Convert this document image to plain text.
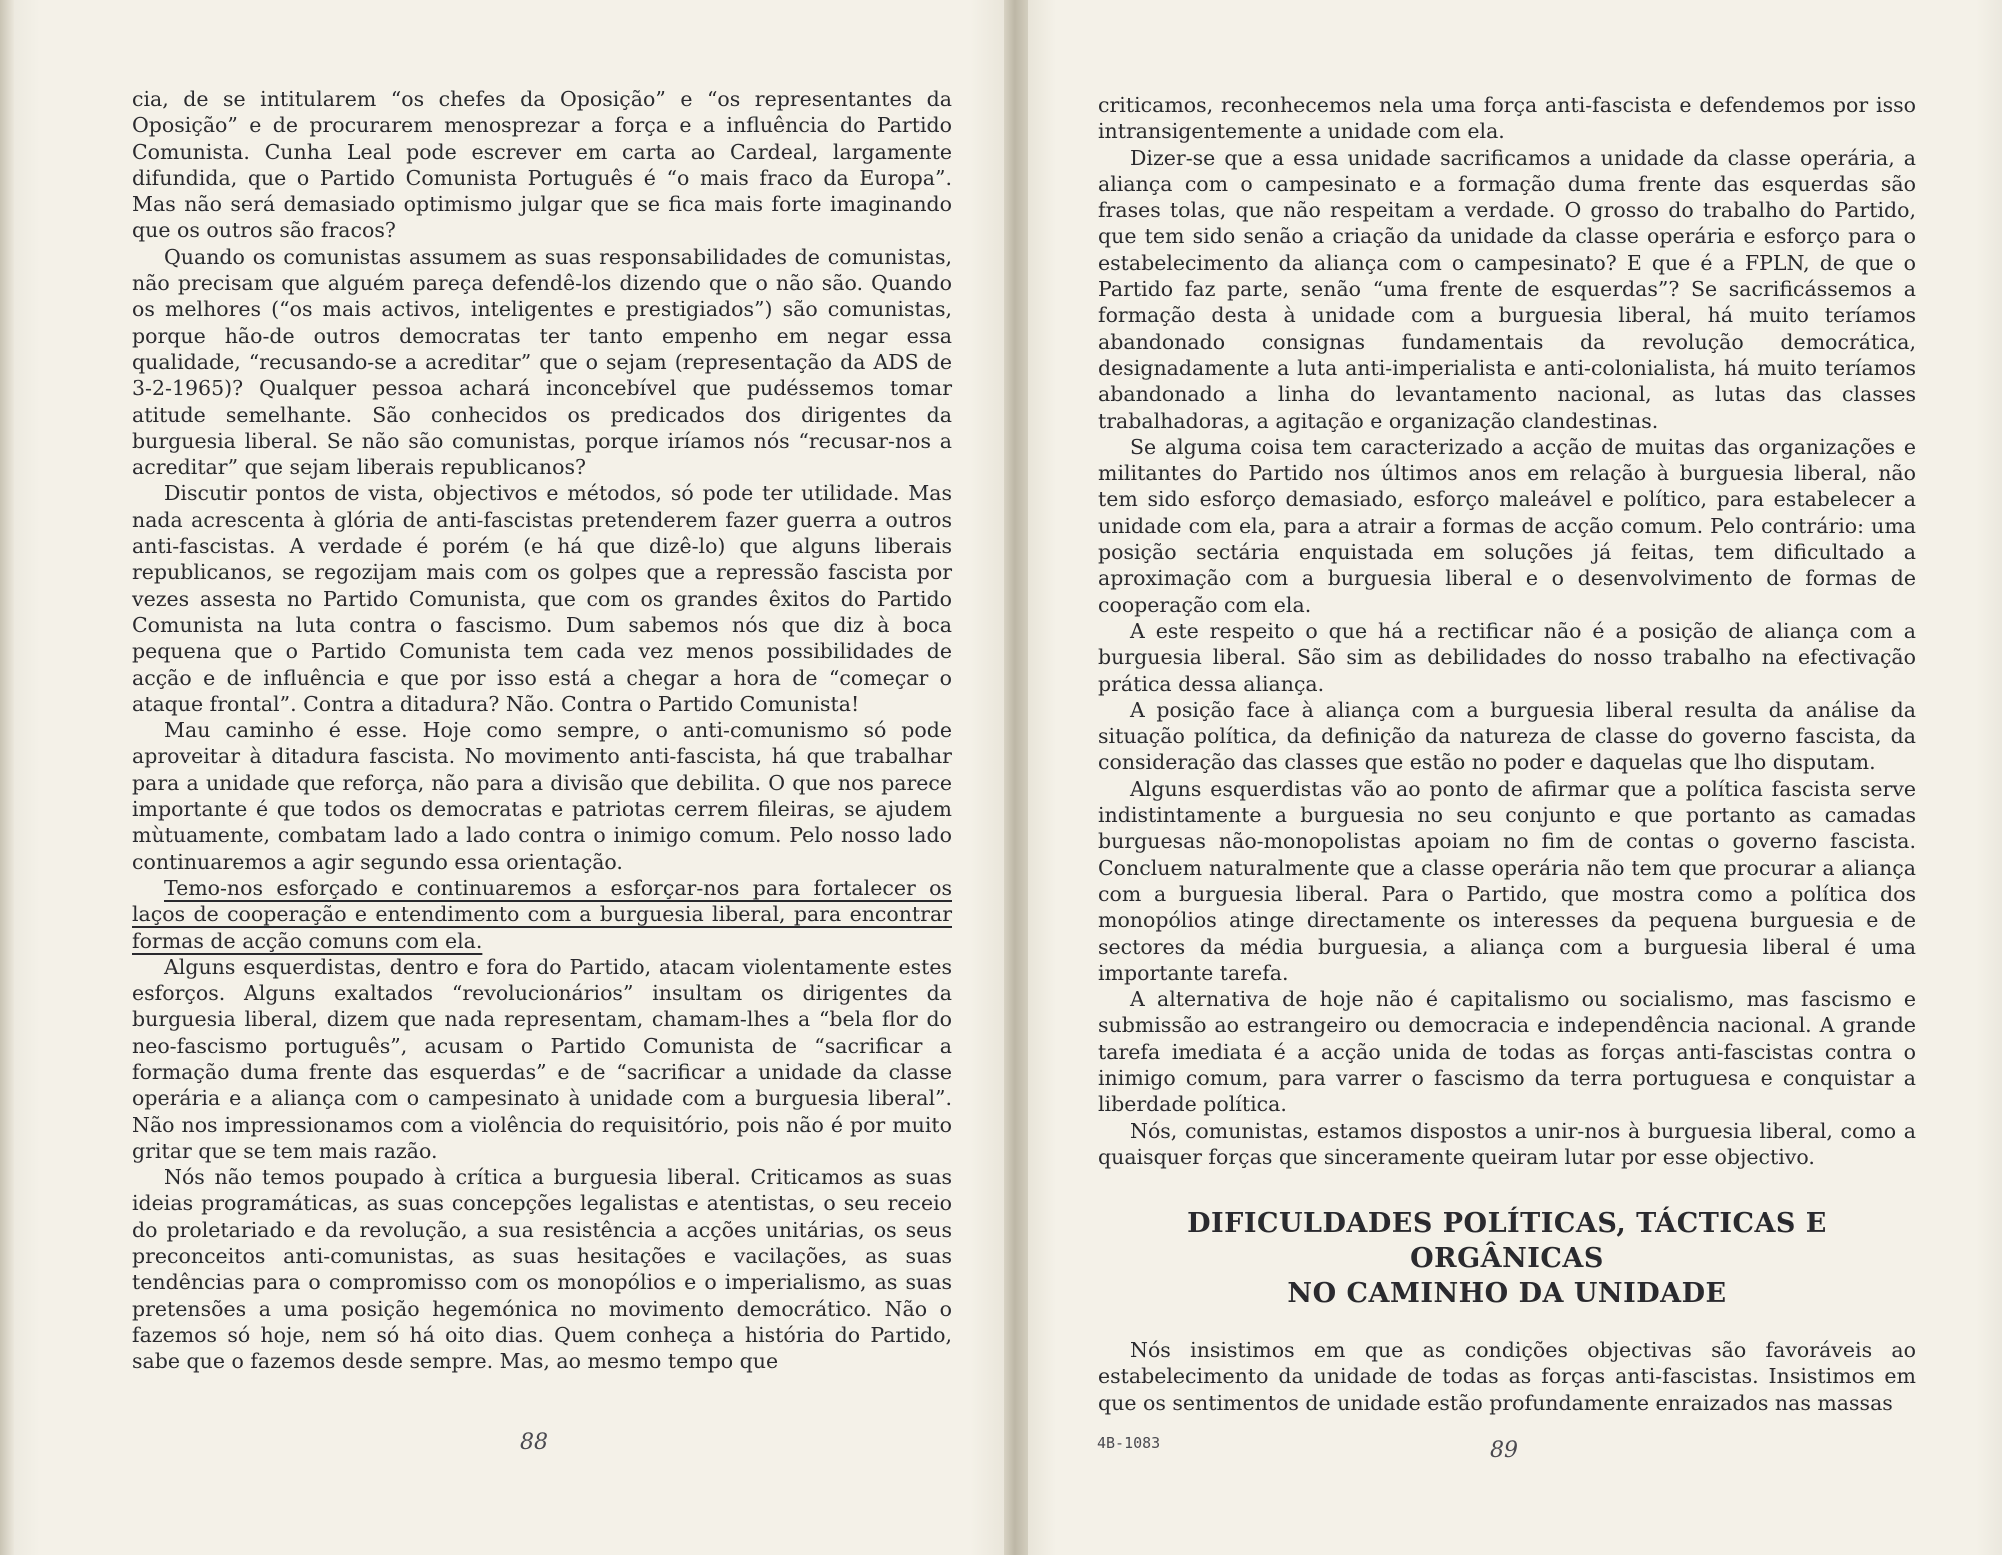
cia, de se intitularem “os chefes da Oposição” e “os representantes da Oposição” e de procurarem menosprezar a força e a influência do Partido Comunista. Cunha Leal pode escrever em carta ao Cardeal, largamente difundida, que o Partido Comunista Português é “o mais fraco da Europa”. Mas não será demasiado optimismo julgar que se fica mais forte imaginando que os outros são fracos?

Quando os comunistas assumem as suas responsabilidades de comunistas, não precisam que alguém pareça defendê-los dizendo que o não são. Quando os melhores (“os mais activos, inteligentes e prestigiados”) são comunistas, porque hão-de outros democratas ter tanto empenho em negar essa qualidade, “recusando-se a acreditar” que o sejam (representação da ADS de 3-2-1965)? Qualquer pessoa achará inconcebível que pudéssemos tomar atitude semelhante. São conhecidos os predicados dos dirigentes da burguesia liberal. Se não são comunistas, porque iríamos nós “recusar-nos a acreditar” que sejam liberais republicanos?

Discutir pontos de vista, objectivos e métodos, só pode ter utilidade. Mas nada acrescenta à glória de anti-fascistas pretenderem fazer guerra a outros anti-fascistas. A verdade é porém (e há que dizê-lo) que alguns liberais republicanos, se regozijam mais com os golpes que a repressão fascista por vezes assesta no Partido Comunista, que com os grandes êxitos do Partido Comunista na luta contra o fascismo. Dum sabemos nós que diz à boca pequena que o Partido Comunista tem cada vez menos possibilidades de acção e de influência e que por isso está a chegar a hora de “começar o ataque frontal”. Contra a ditadura? Não. Contra o Partido Comunista!

Mau caminho é esse. Hoje como sempre, o anti-comunismo só pode aproveitar à ditadura fascista. No movimento anti-fascista, há que trabalhar para a unidade que reforça, não para a divisão que debilita. O que nos parece importante é que todos os democratas e patriotas cerrem fileiras, se ajudem mùtuamente, combatam lado a lado contra o inimigo comum. Pelo nosso lado continuaremos a agir segundo essa orientação.

Temo-nos esforçado e continuaremos a esforçar-nos para fortalecer os laços de cooperação e entendimento com a burguesia liberal, para encontrar formas de acção comuns com ela.

Alguns esquerdistas, dentro e fora do Partido, atacam violentamente estes esforços. Alguns exaltados “revolucionários” insultam os dirigentes da burguesia liberal, dizem que nada representam, chamam-lhes a “bela flor do neo-fascismo português”, acusam o Partido Comunista de “sacrificar a formação duma frente das esquerdas” e de “sacrificar a unidade da classe operária e a aliança com o campesinato à unidade com a burguesia liberal”. Não nos impressionamos com a violência do requisitório, pois não é por muito gritar que se tem mais razão.

Nós não temos poupado à crítica a burguesia liberal. Criticamos as suas ideias programáticas, as suas concepções legalistas e atentistas, o seu receio do proletariado e da revolução, a sua resistência a acções unitárias, os seus preconceitos anti-comunistas, as suas hesitações e vacilações, as suas tendências para o compromisso com os monopólios e o imperialismo, as suas pretensões a uma posição hegemónica no movimento democrático. Não o fazemos só hoje, nem só há oito dias. Quem conheça a história do Partido, sabe que o fazemos desde sempre. Mas, ao mesmo tempo que

88

criticamos, reconhecemos nela uma força anti-fascista e defendemos por isso intransigentemente a unidade com ela.

Dizer-se que a essa unidade sacrificamos a unidade da classe operária, a aliança com o campesinato e a formação duma frente das esquerdas são frases tolas, que não respeitam a verdade. O grosso do trabalho do Partido, que tem sido senão a criação da unidade da classe operária e esforço para o estabelecimento da aliança com o campesinato? E que é a FPLN, de que o Partido faz parte, senão “uma frente de esquerdas”? Se sacrificássemos a formação desta à unidade com a burguesia liberal, há muito teríamos abandonado consignas fundamentais da revolução democrática, designadamente a luta anti-imperialista e anti-colonialista, há muito teríamos abandonado a linha do levantamento nacional, as lutas das classes trabalhadoras, a agitação e organização clandestinas.

Se alguma coisa tem caracterizado a acção de muitas das organizações e militantes do Partido nos últimos anos em relação à burguesia liberal, não tem sido esforço demasiado, esforço maleável e político, para estabelecer a unidade com ela, para a atrair a formas de acção comum. Pelo contrário: uma posição sectária enquistada em soluções já feitas, tem dificultado a aproximação com a burguesia liberal e o desenvolvimento de formas de cooperação com ela.

A este respeito o que há a rectificar não é a posição de aliança com a burguesia liberal. São sim as debilidades do nosso trabalho na efectivação prática dessa aliança.

A posição face à aliança com a burguesia liberal resulta da análise da situação política, da definição da natureza de classe do governo fascista, da consideração das classes que estão no poder e daquelas que lho disputam.

Alguns esquerdistas vão ao ponto de afirmar que a política fascista serve indistintamente a burguesia no seu conjunto e que portanto as camadas burguesas não-monopolistas apoiam no fim de contas o governo fascista. Concluem naturalmente que a classe operária não tem que procurar a aliança com a burguesia liberal. Para o Partido, que mostra como a política dos monopólios atinge directamente os interesses da pequena burguesia e de sectores da média burguesia, a aliança com a burguesia liberal é uma importante tarefa.

A alternativa de hoje não é capitalismo ou socialismo, mas fascismo e submissão ao estrangeiro ou democracia e independência nacional. A grande tarefa imediata é a acção unida de todas as forças anti-fascistas contra o inimigo comum, para varrer o fascismo da terra portuguesa e conquistar a liberdade política.

Nós, comunistas, estamos dispostos a unir-nos à burguesia liberal, como a quaisquer forças que sinceramente queiram lutar por esse objectivo.

DIFICULDADES POLÍTICAS, TÁCTICAS E ORGÂNICAS
NO CAMINHO DA UNIDADE

Nós insistimos em que as condições objectivas são favoráveis ao estabelecimento da unidade de todas as forças anti-fascistas. Insistimos em que os sentimentos de unidade estão profundamente enraizados nas massas

4B-1083	89
